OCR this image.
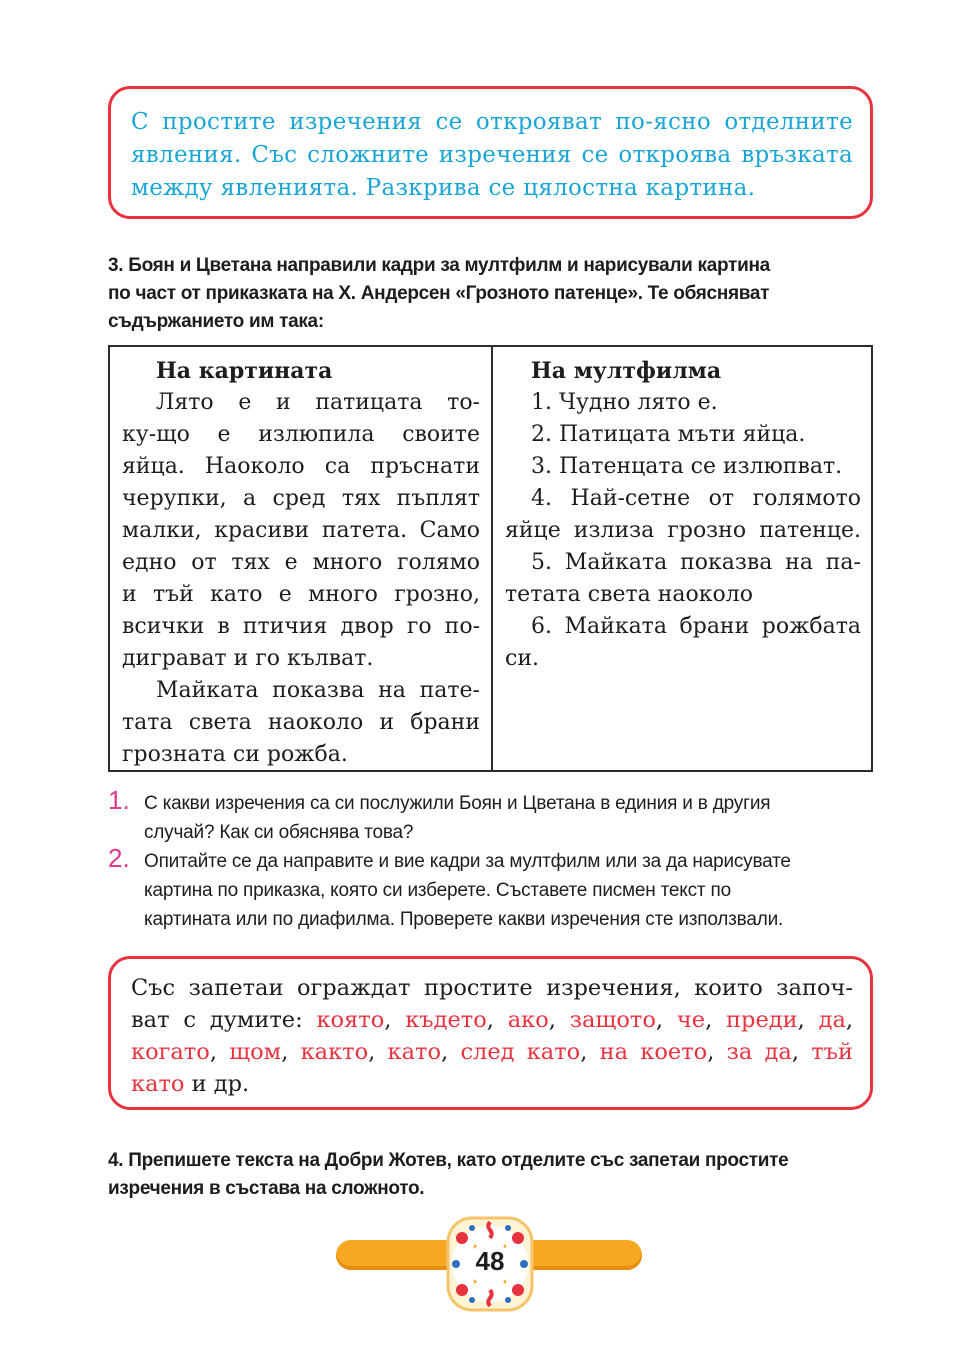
С простите изречения се открояват по-ясно отделните
явления. Със сложните изречения се откроява връзката
между явленията. Разкрива се цялостна картина.
3. Боян и Цветана направили кадри за мултфилм и нарисували картина
по част от приказката на Х. Андерсен «Грозното патенце». Те обясняват
съдържанието им така:
На картината
Лято е и патицата то-
ку-що е излюпила своите
яйца. Наоколо са пръснати
черупки, а сред тях пъплят
малки, красиви патета. Само
едно от тях е много голямо
и тъй като е много грозно,
всички в птичия двор го по-
диграват и го кълват.
Майката показва на пате-
тата света наоколо и брани
грозната си рожба.
На мултфилма
1. Чудно лято е.
2. Патицата мъти яйца.
3. Патенцата се излюпват.
4. Най-сетне от голямото
яйце излиза грозно патенце.
5. Майката показва на па-
тетата света наоколо
6. Майката брани рожбата
си.
1. С какви изречения са си послужили Боян и Цветана в единия и в другия
случай? Как си обяснява това?
2. Опитайте се да направите и вие кадри за мултфилм или за да нарисувате
картина по приказка, която си изберете. Съставете писмен текст по
картината или по диафилма. Проверете какви изречения сте използвали.
Със запетаи ограждат простите изречения, които започ-
ват с думите: която, където, ако, защото, че, преди, да,
когато, щом, както, като, след като, на което, за да, тъй
като и др.
4. Препишете текста на Добри Жотев, като отделите със запетаи простите
изречения в състава на сложното.
48
